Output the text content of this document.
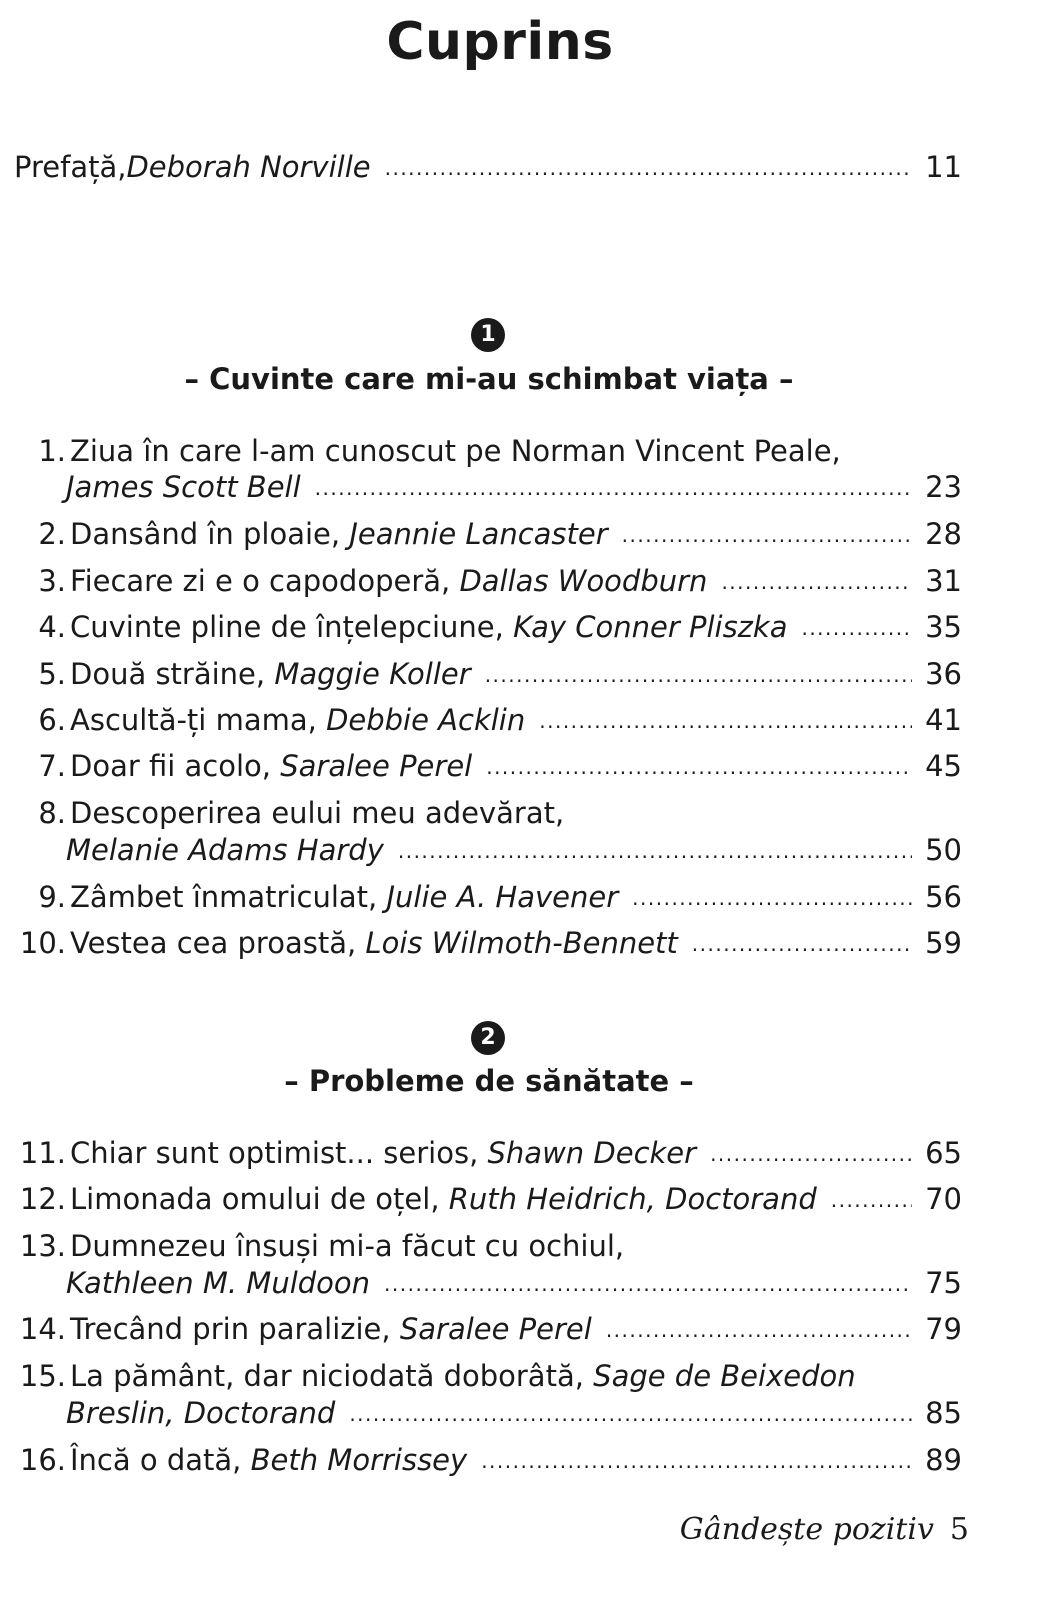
Cuprins
Prefață, Deborah Norville .....	11
1
– Cuvinte care mi-au schimbat viața –
1. Ziua în care l-am cunoscut pe Norman Vincent Peale,
James Scott Bell .....	23
2. Dansând în ploaie, Jeannie Lancaster .....	28
3. Fiecare zi e o capodoperă, Dallas Woodburn .....	31
4. Cuvinte pline de înțelepciune, Kay Conner Pliszka .....	35
5. Două străine, Maggie Koller .....	36
6. Ascultă-ți mama, Debbie Acklin .....	41
7. Doar fii acolo, Saralee Perel .....	45
8. Descoperirea eului meu adevărat,
Melanie Adams Hardy .....	50
9. Zâmbet înmatriculat, Julie A. Havener .....	56
10. Vestea cea proastă, Lois Wilmoth-Bennett .....	59
2
– Probleme de sănătate –
11. Chiar sunt optimist... serios, Shawn Decker .....	65
12. Limonada omului de oțel, Ruth Heidrich, Doctorand .....	70
13. Dumnezeu însuși mi-a făcut cu ochiul,
Kathleen M. Muldoon .....	75
14. Trecând prin paralizie, Saralee Perel .....	79
15. La pământ, dar niciodată doborâtă, Sage de Beixedon
Breslin, Doctorand .....	85
16. Încă o dată, Beth Morrissey .....	89
Gândește pozitiv 5
